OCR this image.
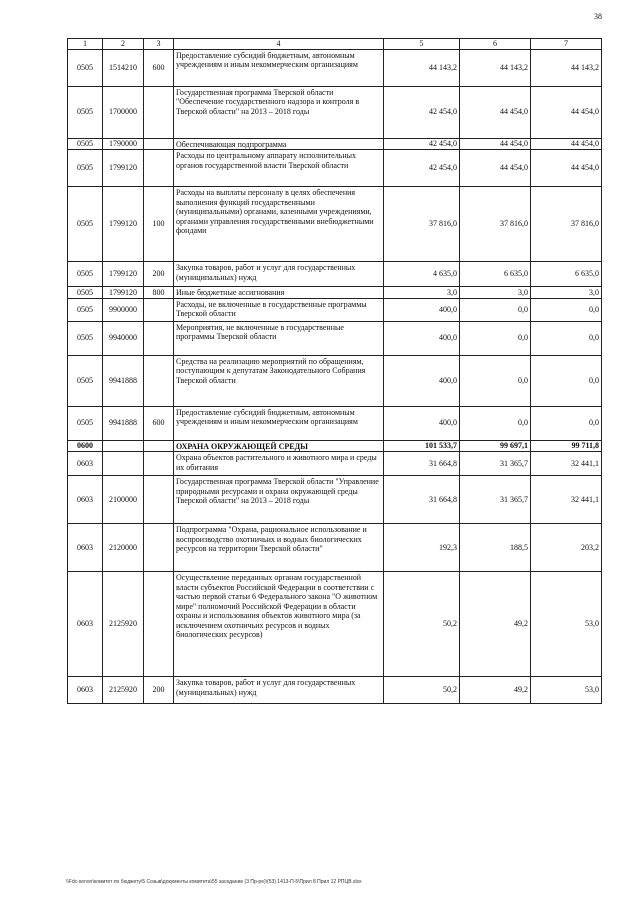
38
1	2	3	4	5	6	7
0505	1514210	600	Предоставление субсидий бюджетным, автономным учреждениям и иным некоммерческим организациям	44 143,2	44 143,2	44 143,2
0505	1700000		Государственная программа Тверской области "Обеспечение государственного надзора и контроля в Тверской области" на 2013 – 2018 годы	42 454,0	44 454,0	44 454,0
0505	1790000		Обеспечивающая подпрограмма	42 454,0	44 454,0	44 454,0
0505	1799120		Расходы по центральному аппарату исполнительных органов государственной власти Тверской области	42 454,0	44 454,0	44 454,0
0505	1799120	100	Расходы на выплаты персоналу в целях обеспечения выполнения функций государственными (муниципальными) органами, казенными учреждениями, органами управления государственными внебюджетными фондами	37 816,0	37 816,0	37 816,0
0505	1799120	200	Закупка товаров, работ и услуг для государственных (муниципальных) нужд	4 635,0	6 635,0	6 635,0
0505	1799120	800	Иные бюджетные ассигнования	3,0	3,0	3,0
0505	9900000		Расходы, не включенные в государственные программы Тверской области	400,0	0,0	0,0
0505	9940000		Мероприятия, не включенные в государственные программы Тверской области	400,0	0,0	0,0
0505	9941888		Средства на реализацию мероприятий по обращениям, поступающим к депутатам Законодательного Собрания Тверской области	400,0	0,0	0,0
0505	9941888	600	Предоставление субсидий бюджетным, автономным учреждениям и иным некоммерческим организациям	400,0	0,0	0,0
0600			ОХРАНА ОКРУЖАЮЩЕЙ СРЕДЫ	101 533,7	99 697,1	99 711,8
0603			Охрана объектов растительного и животного мира и среды их обитания	31 664,8	31 365,7	32 441,1
0603	2100000		Государственная программа Тверской области "Управление природными ресурсами и охрана окружающей среды Тверской области" на 2013 – 2018 годы	31 664,8	31 365,7	32 441,1
0603	2120000		Подпрограмма "Охрана, рациональное использование и воспроизводство охотничьих и водных биологических ресурсов на территории Тверской области"	192,3	188,5	203,2
0603	2125920		Осуществление переданных органам государственной власти субъектов Российской Федерации в соответствии с частью первой статьи 6 Федерального закона "О животном мире" полномочий Российской Федерации в области охраны и использования объектов животного мира (за исключением охотничьих ресурсов и водных биологических ресурсов)	50,2	49,2	53,0
0603	2125920	200	Закупка товаров, работ и услуг для государственных (муниципальных) нужд	50,2	49,2	53,0
\\Fdc-server\комитет по бюджету\5 Созыв\документы комитета\55 заседание (3 Пр-ре)\(53) 1413-П-5\Прил 8 Прил 12 РПЦВ.xlsx
